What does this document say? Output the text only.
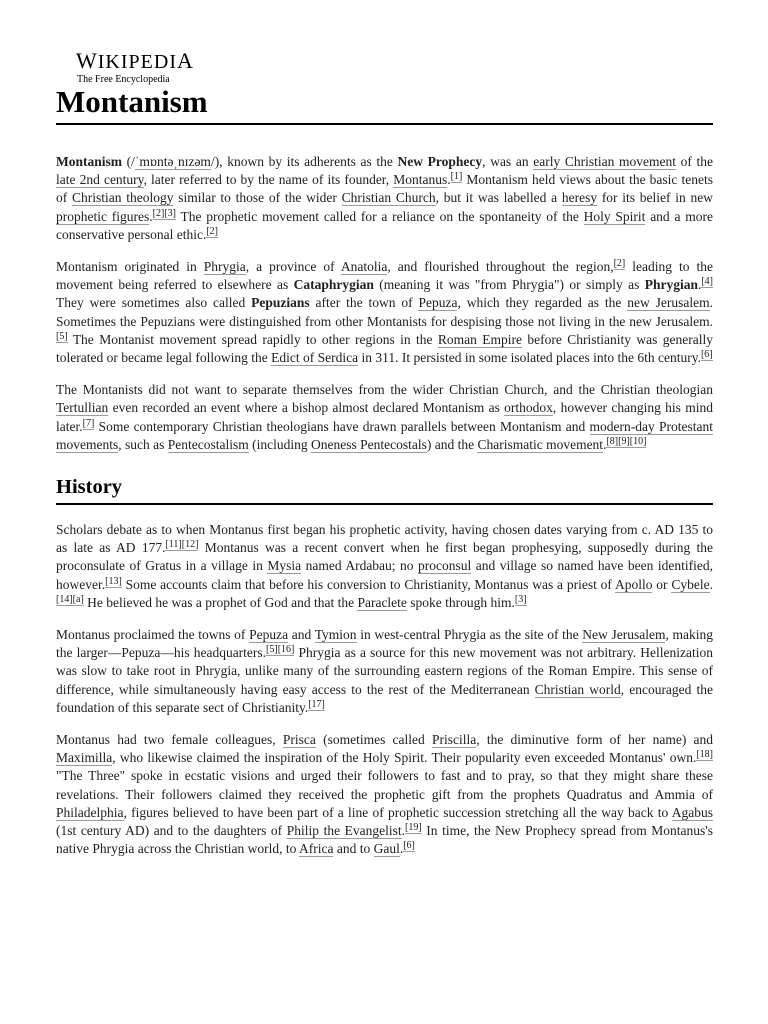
WIKIPEDIA
The Free Encyclopedia
Montanism

Montanism (/ˈmɒntəˌnɪzəm/), known by its adherents as the New Prophecy, was an early Christian movement of the late 2nd century, later referred to by the name of its founder, Montanus.[1] Montanism held views about the basic tenets of Christian theology similar to those of the wider Christian Church, but it was labelled a heresy for its belief in new prophetic figures.[2][3] The prophetic movement called for a reliance on the spontaneity of the Holy Spirit and a more conservative personal ethic.[2]

Montanism originated in Phrygia, a province of Anatolia, and flourished throughout the region,[2] leading to the movement being referred to elsewhere as Cataphrygian (meaning it was "from Phrygia") or simply as Phrygian.[4] They were sometimes also called Pepuzians after the town of Pepuza, which they regarded as the new Jerusalem. Sometimes the Pepuzians were distinguished from other Montanists for despising those not living in the new Jerusalem.[5] The Montanist movement spread rapidly to other regions in the Roman Empire before Christianity was generally tolerated or became legal following the Edict of Serdica in 311. It persisted in some isolated places into the 6th century.[6]

The Montanists did not want to separate themselves from the wider Christian Church, and the Christian theologian Tertullian even recorded an event where a bishop almost declared Montanism as orthodox, however changing his mind later.[7] Some contemporary Christian theologians have drawn parallels between Montanism and modern-day Protestant movements, such as Pentecostalism (including Oneness Pentecostals) and the Charismatic movement.[8][9][10]

History

Scholars debate as to when Montanus first began his prophetic activity, having chosen dates varying from c. AD 135 to as late as AD 177.[11][12] Montanus was a recent convert when he first began prophesying, supposedly during the proconsulate of Gratus in a village in Mysia named Ardabau; no proconsul and village so named have been identified, however.[13] Some accounts claim that before his conversion to Christianity, Montanus was a priest of Apollo or Cybele.[14][a] He believed he was a prophet of God and that the Paraclete spoke through him.[3]

Montanus proclaimed the towns of Pepuza and Tymion in west-central Phrygia as the site of the New Jerusalem, making the larger—Pepuza—his headquarters.[5][16] Phrygia as a source for this new movement was not arbitrary. Hellenization was slow to take root in Phrygia, unlike many of the surrounding eastern regions of the Roman Empire. This sense of difference, while simultaneously having easy access to the rest of the Mediterranean Christian world, encouraged the foundation of this separate sect of Christianity.[17]

Montanus had two female colleagues, Prisca (sometimes called Priscilla, the diminutive form of her name) and Maximilla, who likewise claimed the inspiration of the Holy Spirit. Their popularity even exceeded Montanus' own.[18] "The Three" spoke in ecstatic visions and urged their followers to fast and to pray, so that they might share these revelations. Their followers claimed they received the prophetic gift from the prophets Quadratus and Ammia of Philadelphia, figures believed to have been part of a line of prophetic succession stretching all the way back to Agabus (1st century AD) and to the daughters of Philip the Evangelist.[19] In time, the New Prophecy spread from Montanus's native Phrygia across the Christian world, to Africa and to Gaul.[6]
